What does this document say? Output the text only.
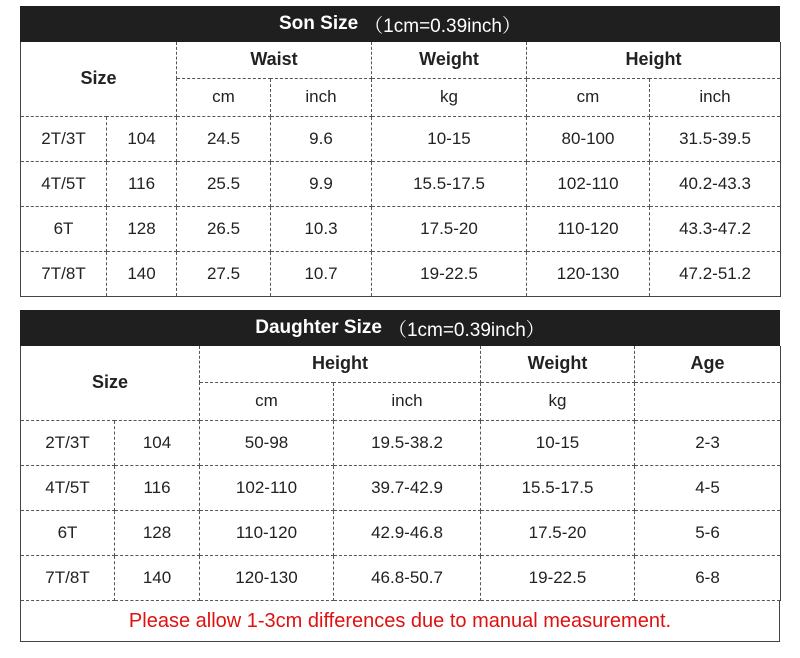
Son Size （1cm=0.39inch）
Size		Waist		Weight	Height	
		cm	inch	kg	cm	inch
2T/3T	104	24.5	9.6	10-15	80-100	31.5-39.5
4T/5T	116	25.5	9.9	15.5-17.5	102-110	40.2-43.3
6T	128	26.5	10.3	17.5-20	110-120	43.3-47.2
7T/8T	140	27.5	10.7	19-22.5	120-130	47.2-51.2
Daughter Size （1cm=0.39inch）
Size		Height		Weight	Age
		cm	inch	kg	
2T/3T	104	50-98	19.5-38.2	10-15	2-3
4T/5T	116	102-110	39.7-42.9	15.5-17.5	4-5
6T	128	110-120	42.9-46.8	17.5-20	5-6
7T/8T	140	120-130	46.8-50.7	19-22.5	6-8
Please allow 1-3cm differences due to manual measurement.
